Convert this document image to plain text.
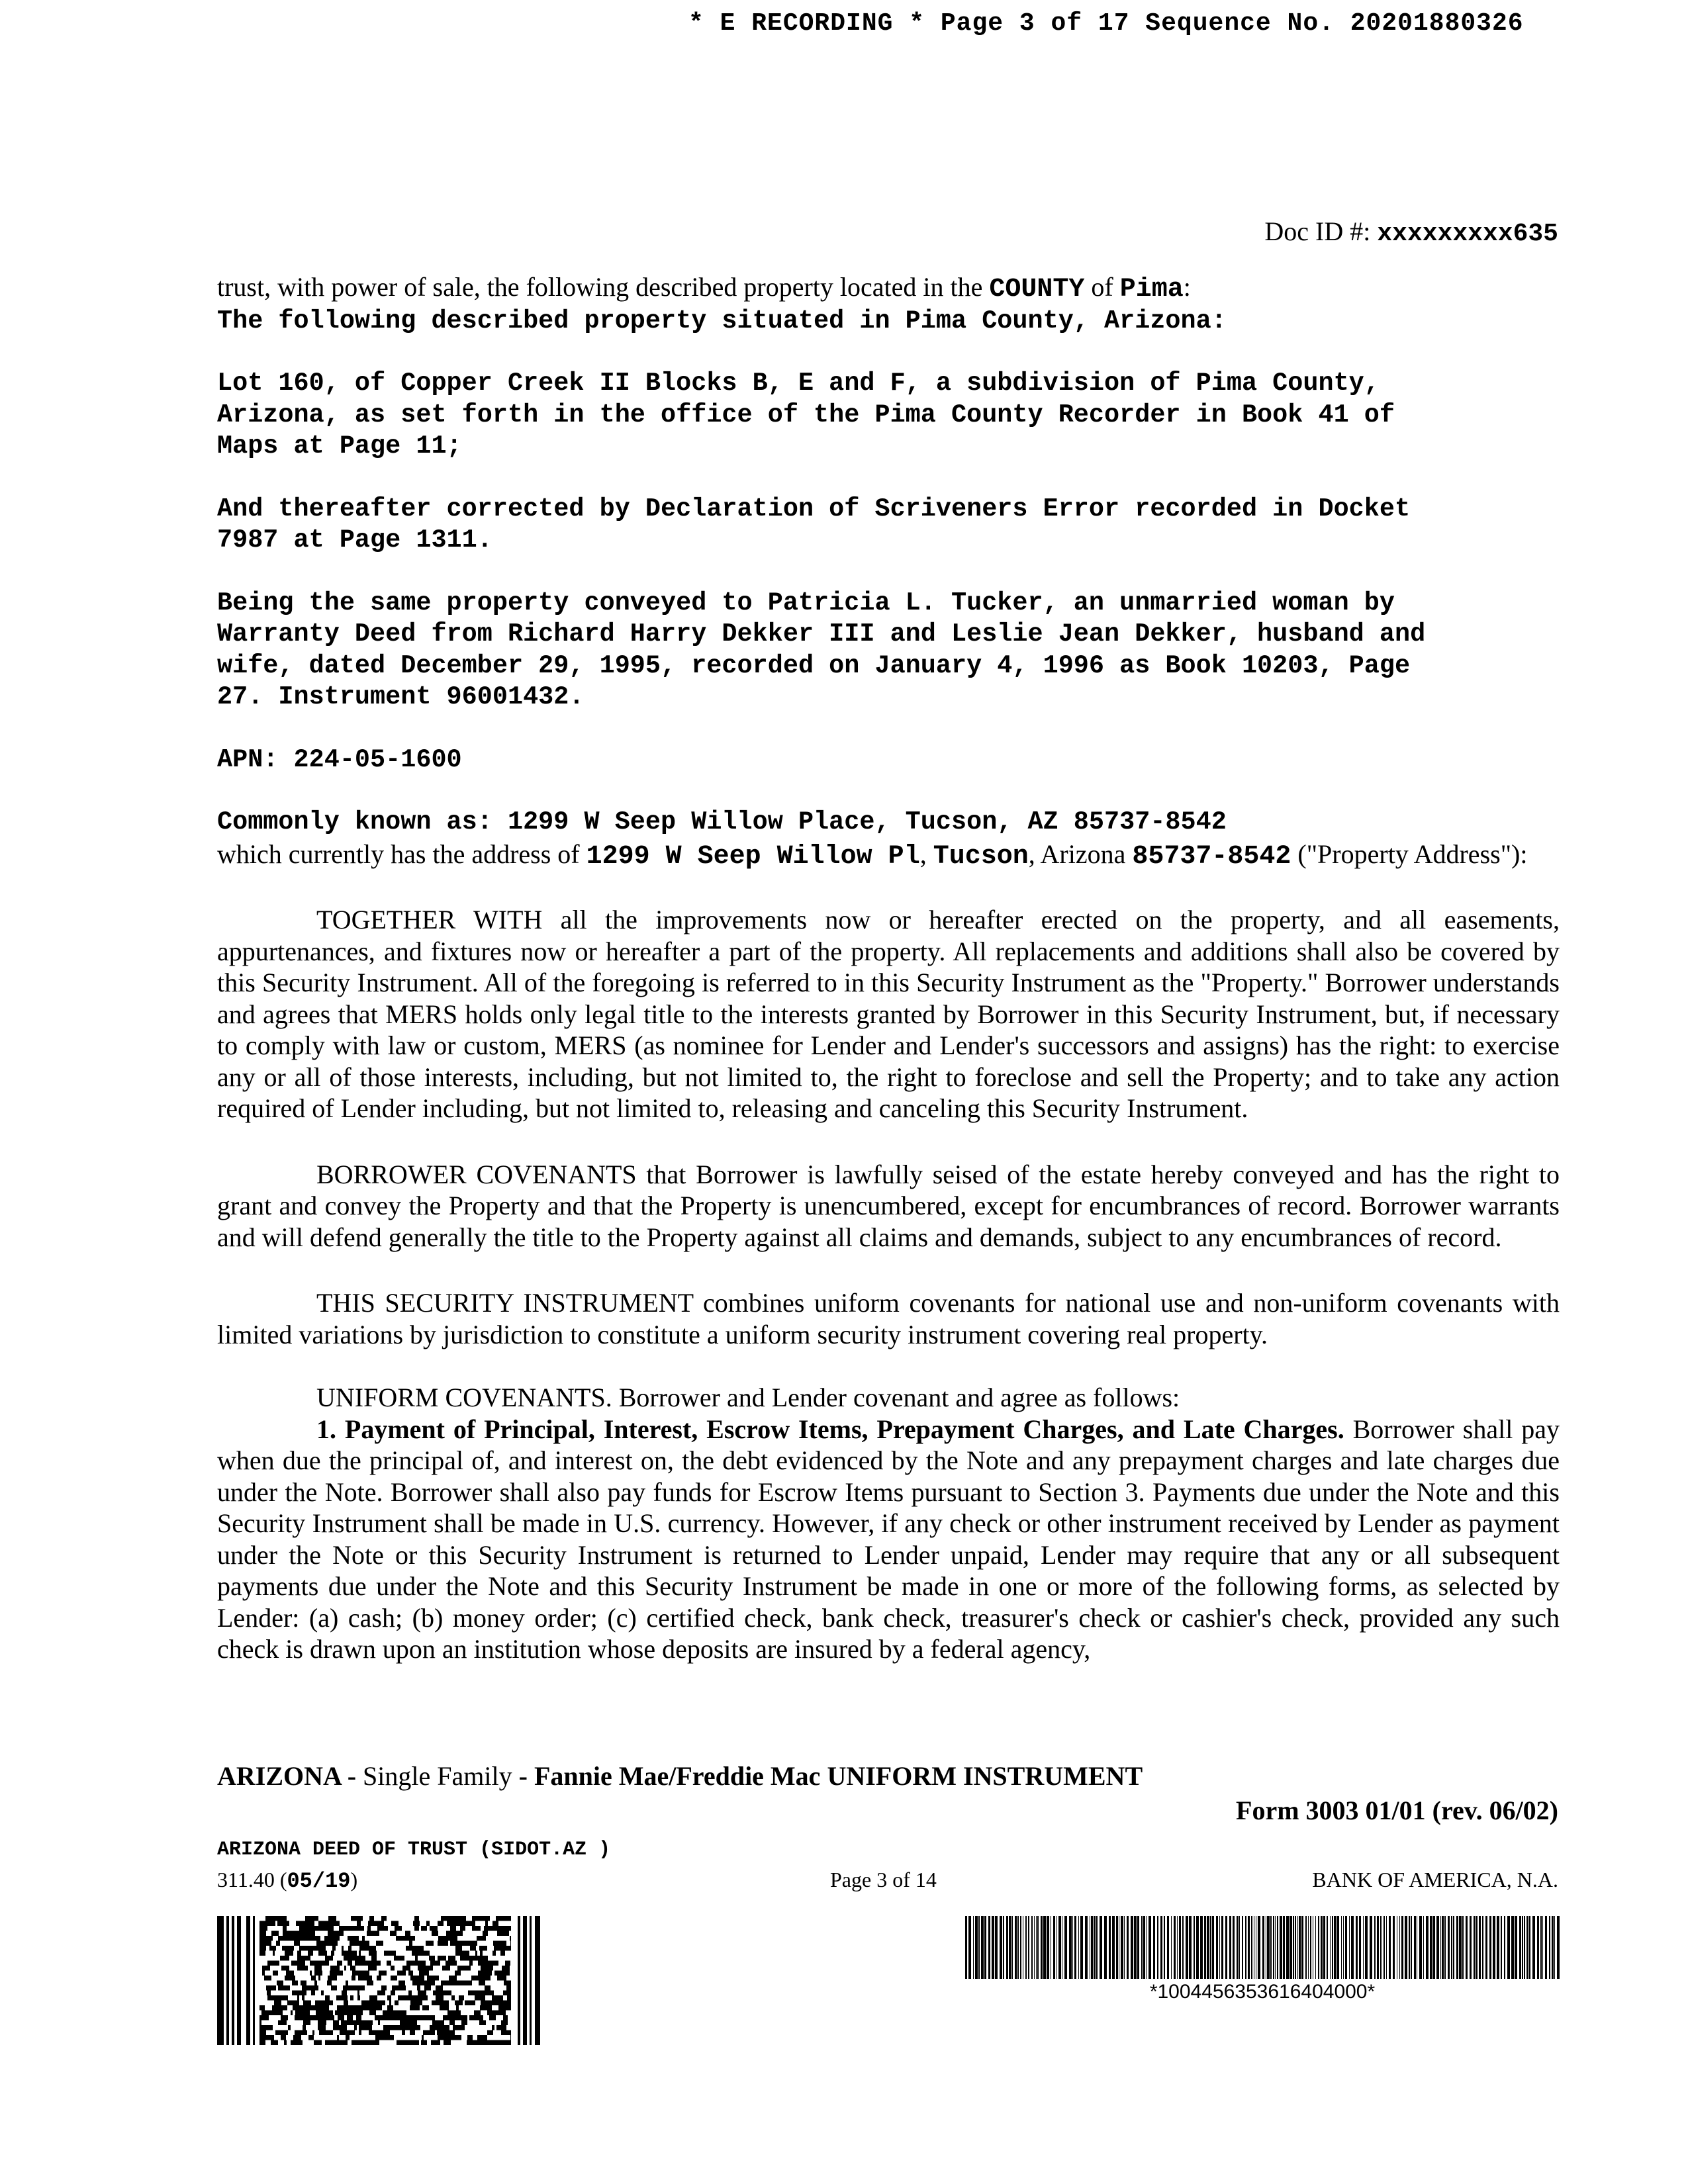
* E RECORDING * Page 3 of 17 Sequence No. 20201880326
Doc ID #: xxxxxxxxx635

trust, with power of sale, the following described property located in the COUNTY of Pima:

The following described property situated in Pima County, Arizona:

Lot 160, of Copper Creek II Blocks B, E and F, a subdivision of Pima County,
Arizona, as set forth in the office of the Pima County Recorder in Book 41 of
Maps at Page 11;
And thereafter corrected by Declaration of Scriveners Error recorded in Docket
7987 at Page 1311.
Being the same property conveyed to Patricia L. Tucker, an unmarried woman by
Warranty Deed from Richard Harry Dekker III and Leslie Jean Dekker, husband and
wife, dated December 29, 1995, recorded on January 4, 1996 as Book 10203, Page
27. Instrument 96001432.
APN: 224-05-1600
Commonly known as: 1299 W Seep Willow Place, Tucson, AZ 85737-8542

which currently has the address of 1299 W Seep Willow Pl, Tucson, Arizona 85737-8542 ("Property Address"):

TOGETHER WITH all the improvements now or hereafter erected on the property, and all easements, appurtenances, and fixtures now or hereafter a part of the property. All replacements and additions shall also be covered by this Security Instrument. All of the foregoing is referred to in this Security Instrument as the "Property." Borrower understands and agrees that MERS holds only legal title to the interests granted by Borrower in this Security Instrument, but, if necessary to comply with law or custom, MERS (as nominee for Lender and Lender's successors and assigns) has the right: to exercise any or all of those interests, including, but not limited to, the right to foreclose and sell the Property; and to take any action required of Lender including, but not limited to, releasing and canceling this Security Instrument.

BORROWER COVENANTS that Borrower is lawfully seised of the estate hereby conveyed and has the right to grant and convey the Property and that the Property is unencumbered, except for encumbrances of record. Borrower warrants and will defend generally the title to the Property against all claims and demands, subject to any encumbrances of record.

THIS SECURITY INSTRUMENT combines uniform covenants for national use and non-uniform covenants with limited variations by jurisdiction to constitute a uniform security instrument covering real property.

UNIFORM COVENANTS. Borrower and Lender covenant and agree as follows:

1. Payment of Principal, Interest, Escrow Items, Prepayment Charges, and Late Charges. Borrower shall pay when due the principal of, and interest on, the debt evidenced by the Note and any prepayment charges and late charges due under the Note. Borrower shall also pay funds for Escrow Items pursuant to Section 3. Payments due under the Note and this Security Instrument shall be made in U.S. currency. However, if any check or other instrument received by Lender as payment under the Note or this Security Instrument is returned to Lender unpaid, Lender may require that any or all subsequent payments due under the Note and this Security Instrument be made in one or more of the following forms, as selected by Lender: (a) cash; (b) money order; (c) certified check, bank check, treasurer's check or cashier's check, provided any such check is drawn upon an institution whose deposits are insured by a federal agency,

ARIZONA - Single Family - Fannie Mae/Freddie Mac UNIFORM INSTRUMENT
Form 3003 01/01 (rev. 06/02)
ARIZONA DEED OF TRUST (SIDOT.AZ )
311.40 (05/19)	Page 3 of 14	BANK OF AMERICA, N.A.
*1004456353616404000*
